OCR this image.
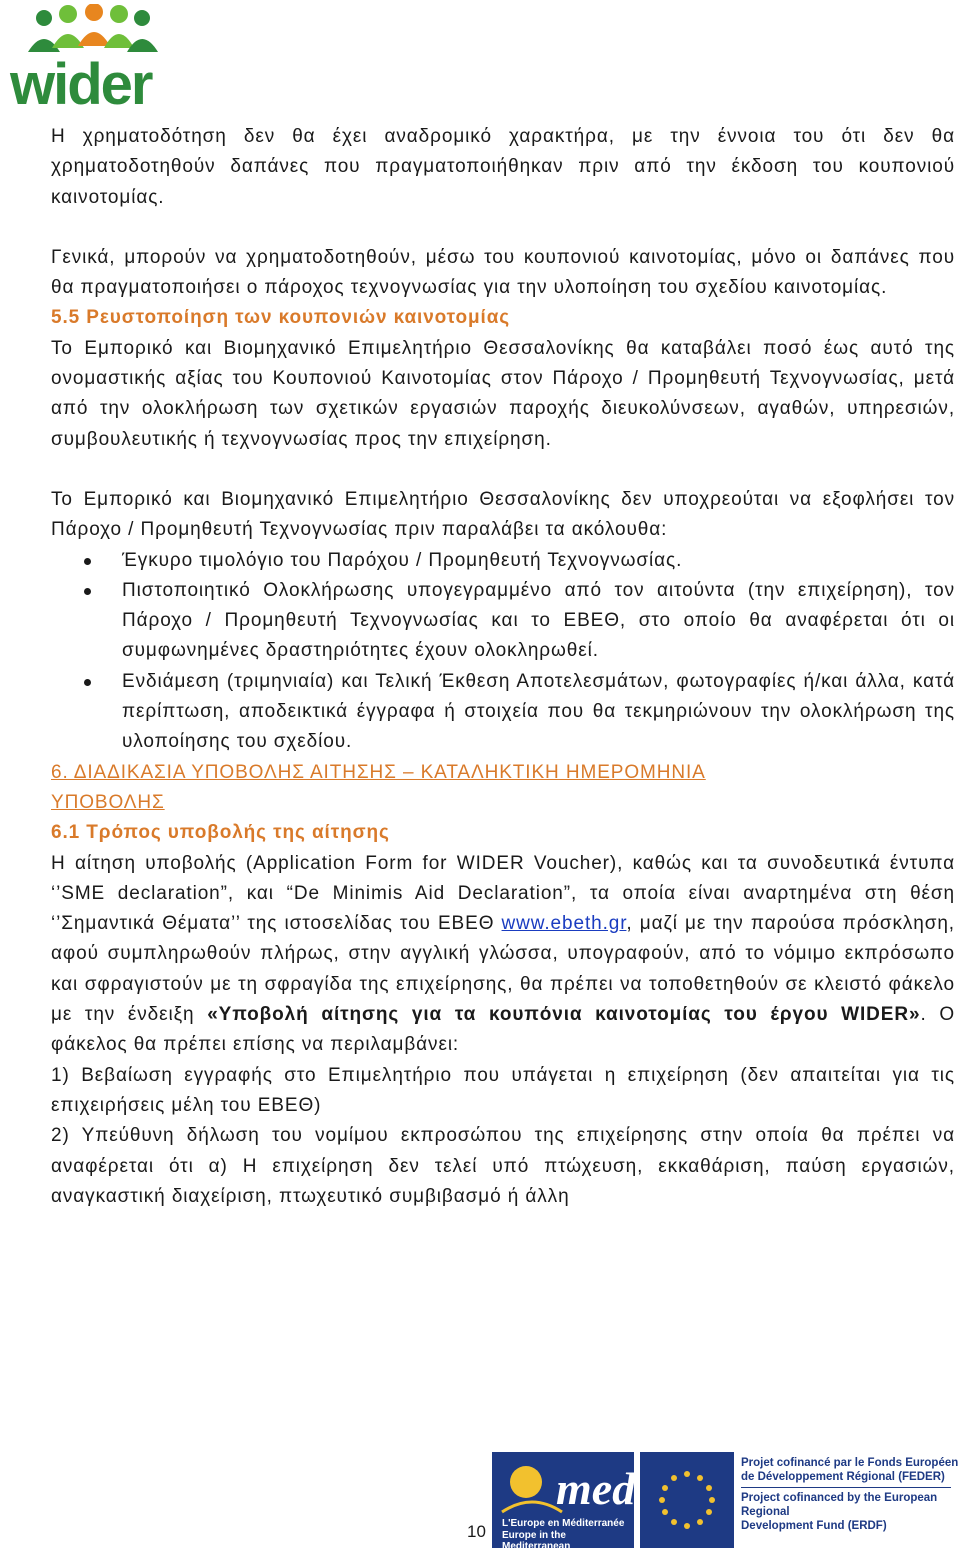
wider

Η χρηματοδότηση δεν θα έχει αναδρομικό χαρακτήρα, με την έννοια του ότι δεν θα χρηματοδοτηθούν δαπάνες που πραγματοποιήθηκαν πριν από την έκδοση του κουπονιού καινοτομίας.

Γενικά, μπορούν να χρηματοδοτηθούν, μέσω του κουπονιού καινοτομίας, μόνο οι δαπάνες που θα πραγματοποιήσει ο πάροχος τεχνογνωσίας για την υλοποίηση του σχεδίου καινοτομίας.

5.5 Ρευστοποίηση των κουπονιών καινοτομίας

Το Εμπορικό και Βιομηχανικό Επιμελητήριο Θεσσαλονίκης θα καταβάλει ποσό έως αυτό της ονομαστικής αξίας του Κουπονιού Καινοτομίας στον Πάροχο / Προμηθευτή Τεχνογνωσίας, μετά από την ολοκλήρωση των σχετικών εργασιών παροχής διευκολύνσεων, αγαθών, υπηρεσιών, συμβουλευτικής ή τεχνογνωσίας προς την επιχείρηση.

Το Εμπορικό και Βιομηχανικό Επιμελητήριο Θεσσαλονίκης δεν υποχρεούται να εξοφλήσει τον Πάροχο / Προμηθευτή Τεχνογνωσίας πριν παραλάβει τα ακόλουθα:

Έγκυρο τιμολόγιο του Παρόχου / Προμηθευτή Τεχνογνωσίας.
Πιστοποιητικό Ολοκλήρωσης υπογεγραμμένο από τον αιτούντα (την επιχείρηση), τον Πάροχο / Προμηθευτή Τεχνογνωσίας και το ΕΒΕΘ, στο οποίο θα αναφέρεται ότι οι συμφωνημένες δραστηριότητες έχουν ολοκληρωθεί.
Ενδιάμεση (τριμηνιαία) και Τελική Έκθεση Αποτελεσμάτων, φωτογραφίες ή/και άλλα, κατά περίπτωση, αποδεικτικά έγγραφα ή στοιχεία που θα τεκμηριώνουν την ολοκλήρωση της υλοποίησης του σχεδίου.

6. ΔΙΑΔΙΚΑΣΙΑ ΥΠΟΒΟΛΗΣ ΑΙΤΗΣΗΣ – ΚΑΤΑΛΗΚΤΙΚΗ ΗΜΕΡΟΜΗΝΙΑ

ΥΠΟΒΟΛΗΣ

6.1 Τρόπος υποβολής της αίτησης

Η αίτηση υποβολής (Application Form for WIDER Voucher), καθώς και τα συνοδευτικά έντυπα ‘’SME declaration”, και “De Minimis Aid Declaration”, τα οποία είναι αναρτημένα στη θέση ‘’Σημαντικά Θέματα’’ της ιστοσελίδας του ΕΒΕΘ www.ebeth.gr, μαζί με την παρούσα πρόσκληση, αφού συμπληρωθούν πλήρως, στην αγγλική γλώσσα, υπογραφούν, από το νόμιμο εκπρόσωπο και σφραγιστούν με τη σφραγίδα της επιχείρησης, θα πρέπει να τοποθετηθούν σε κλειστό φάκελο με την ένδειξη «Υποβολή αίτησης για τα κουπόνια καινοτομίας του έργου WIDER». Ο φάκελος θα πρέπει επίσης να περιλαμβάνει:

1) Βεβαίωση εγγραφής στο Επιμελητήριο που υπάγεται η επιχείρηση (δεν απαιτείται για τις επιχειρήσεις μέλη του ΕΒΕΘ)

2) Υπεύθυνη δήλωση του νομίμου εκπροσώπου της επιχείρησης στην οποία θα πρέπει να αναφέρεται ότι α) Η επιχείρηση δεν τελεί υπό πτώχευση, εκκαθάριση, παύση εργασιών, αναγκαστική διαχείριση, πτωχευτικό συμβιβασμό ή άλλη

10
med
L'Europe en Méditerranée
Europe in the Mediterranean
Projet cofinancé par le Fonds Européen
de Développement Régional (FEDER)
Project cofinanced by the European Regional
Development Fund (ERDF)
